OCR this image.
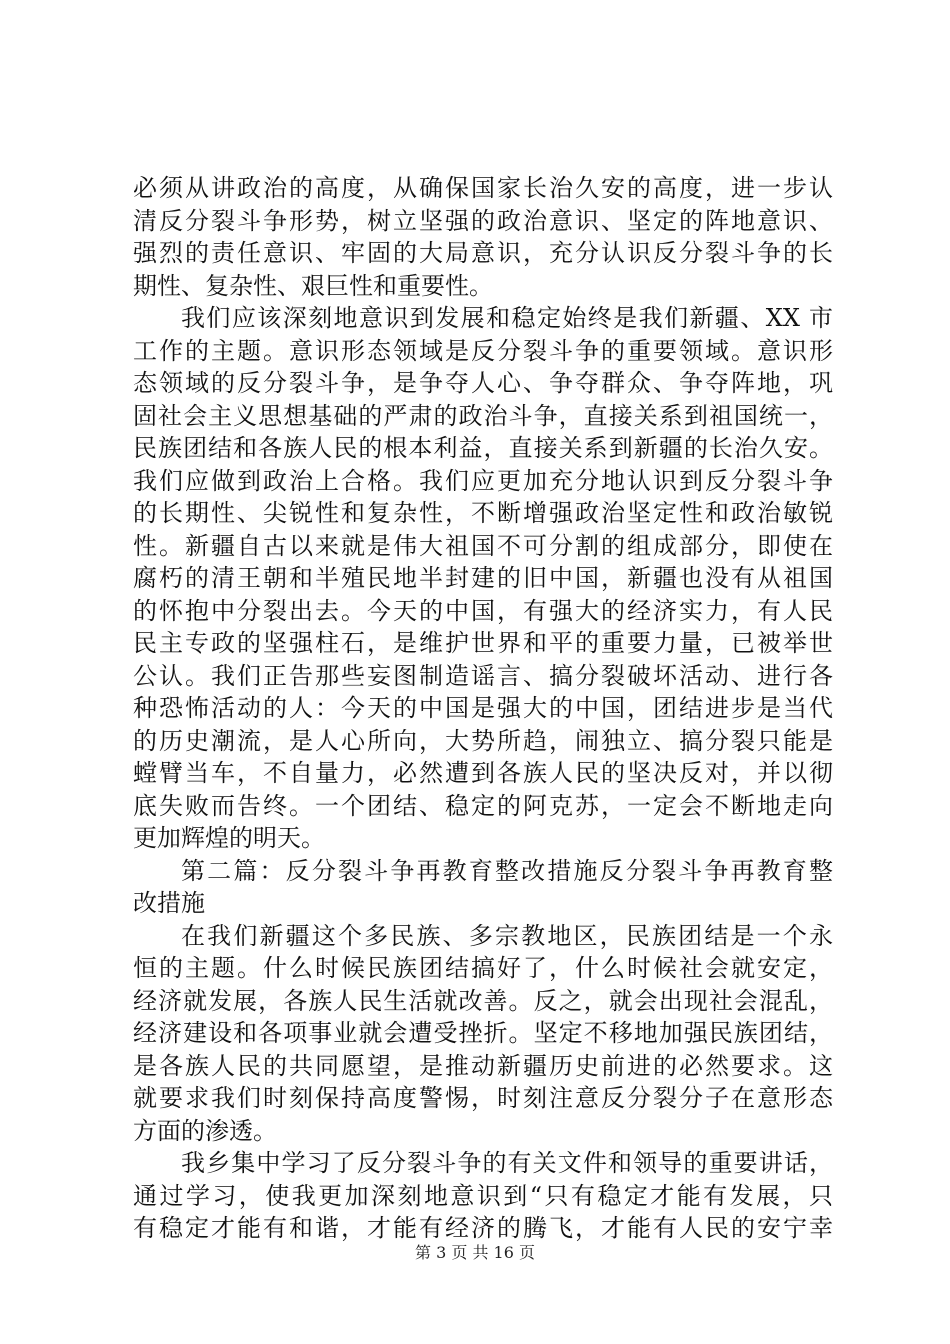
必须从讲政治的高度，从确保国家长治久安的高度，进一步认
清反分裂斗争形势，树立坚强的政治意识、坚定的阵地意识、
强烈的责任意识、牢固的大局意识，充分认识反分裂斗争的长
期性、复杂性、艰巨性和重要性。
我们应该深刻地意识到发展和稳定始终是我们新疆、XX 市
工作的主题。意识形态领域是反分裂斗争的重要领域。意识形
态领域的反分裂斗争，是争夺人心、争夺群众、争夺阵地，巩
固社会主义思想基础的严肃的政治斗争，直接关系到祖国统一，
民族团结和各族人民的根本利益，直接关系到新疆的长治久安。
我们应做到政治上合格。我们应更加充分地认识到反分裂斗争
的长期性、尖锐性和复杂性，不断增强政治坚定性和政治敏锐
性。新疆自古以来就是伟大祖国不可分割的组成部分，即使在
腐朽的清王朝和半殖民地半封建的旧中国，新疆也没有从祖国
的怀抱中分裂出去。今天的中国，有强大的经济实力，有人民
民主专政的坚强柱石，是维护世界和平的重要力量，已被举世
公认。我们正告那些妄图制造谣言、搞分裂破坏活动、进行各
种恐怖活动的人：今天的中国是强大的中国，团结进步是当代
的历史潮流，是人心所向，大势所趋，闹独立、搞分裂只能是
螳臂当车，不自量力，必然遭到各族人民的坚决反对，并以彻
底失败而告终。一个团结、稳定的阿克苏，一定会不断地走向
更加辉煌的明天。
第二篇：反分裂斗争再教育整改措施反分裂斗争再教育整
改措施
在我们新疆这个多民族、多宗教地区，民族团结是一个永
恒的主题。什么时候民族团结搞好了，什么时候社会就安定，
经济就发展，各族人民生活就改善。反之，就会出现社会混乱，
经济建设和各项事业就会遭受挫折。坚定不移地加强民族团结，
是各族人民的共同愿望，是推动新疆历史前进的必然要求。这
就要求我们时刻保持高度警惕，时刻注意反分裂分子在意形态
方面的渗透。
我乡集中学习了反分裂斗争的有关文件和领导的重要讲话，
通过学习，使我更加深刻地意识到“只有稳定才能有发展，只
有稳定才能有和谐，才能有经济的腾飞，才能有人民的安宁幸
第 3 页 共 16 页
